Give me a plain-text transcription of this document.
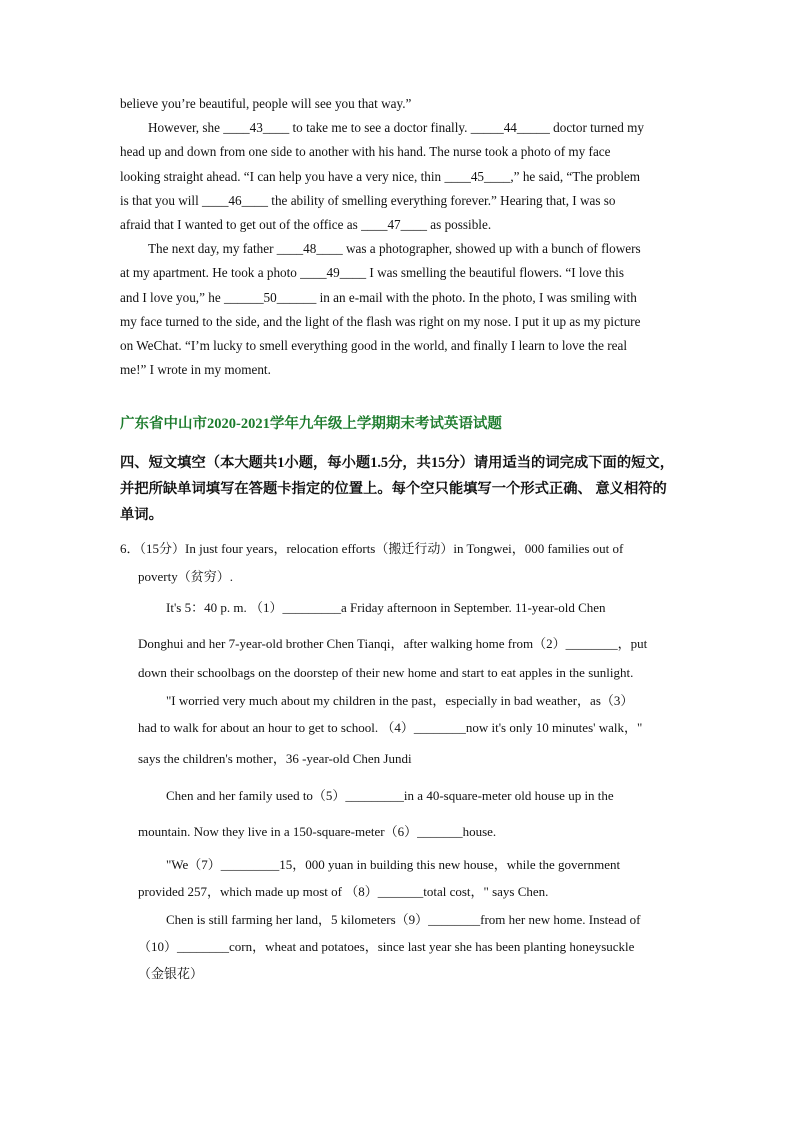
believe you’re beautiful, people will see you that way.”
However, she ____43____ to take me to see a doctor finally. _____44_____ doctor turned my
head up and down from one side to another with his hand. The nurse took a photo of my face
looking straight ahead. “I can help you have a very nice, thin ____45____,” he said, “The problem
is that you will ____46____ the ability of smelling everything forever.” Hearing that, I was so
afraid that I wanted to get out of the office as ____47____ as possible.
The next day, my father ____48____ was a photographer, showed up with a bunch of flowers
at my apartment. He took a photo ____49____ I was smelling the beautiful flowers. “I love this
and I love you,” he ______50______ in an e-mail with the photo. In the photo, I was smiling with
my face turned to the side, and the light of the flash was right on my nose. I put it up as my picture
on WeChat. “I’m lucky to smell everything good in the world, and finally I learn to love the real
me!” I wrote in my moment.
广东省中山市2020-2021学年九年级上学期期末考试英语试题
四、短文填空（本大题共1小题，每小题1.5分，共15分）请用适当的词完成下面的短文，
并把所缺单词填写在答题卡指定的位置上。每个空只能填写一个形式正确、 意义相符的
单词。
6．（15分）In just four years，relocation efforts（搬迁行动）in Tongwei，000 families out of
poverty（贫穷）.
It's 5：40 p. m. （1）_________a Friday afternoon in September. 11-year-old Chen
Donghui and her 7-year-old brother Chen Tianqi，after walking home from（2）________，put
down their schoolbags on the doorstep of their new home and start to eat apples in the sunlight.
"I worried very much about my children in the past，especially in bad weather，as（3）
had to walk for about an hour to get to school. （4）________now it's only 10 minutes' walk，"
says the children's mother，36 -year-old Chen Jundi
Chen and her family used to（5）_________in a 40-square-meter old house up in the
mountain. Now they live in a 150-square-meter（6）_______house.
"We（7）_________15，000 yuan in building this new house，while the government
provided 257，which made up most of （8）_______total cost，" says Chen.
Chen is still farming her land，5 kilometers（9）________from her new home. Instead of
（10）________corn，wheat and potatoes，since last year she has been planting honeysuckle
（金银花）
